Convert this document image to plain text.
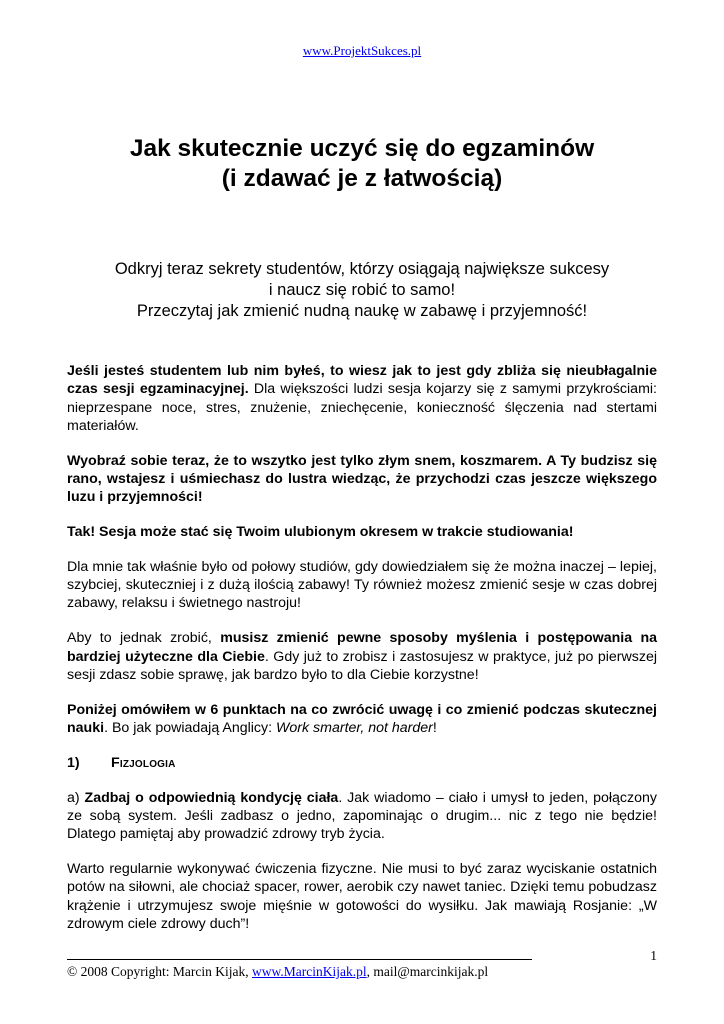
www.ProjektSukces.pl
Jak skutecznie uczyć się do egzaminów
(i zdawać je z łatwością)
Odkryj teraz sekrety studentów, którzy osiągają największe sukcesy
i naucz się robić to samo!
Przeczytaj jak zmienić nudną naukę w zabawę i przyjemność!

Jeśli jesteś studentem lub nim byłeś, to wiesz jak to jest gdy zbliża się nieubłagalnie czas sesji egzaminacyjnej. Dla większości ludzi sesja kojarzy się z samymi przykrościami: nieprzespane noce, stres, znużenie, zniechęcenie, konieczność ślęczenia nad stertami materiałów.

Wyobraź sobie teraz, że to wszytko jest tylko złym snem, koszmarem. A Ty budzisz się rano, wstajesz i uśmiechasz do lustra wiedząc, że przychodzi czas jeszcze większego luzu i przyjemności!

Tak! Sesja może stać się Twoim ulubionym okresem w trakcie studiowania!

Dla mnie tak właśnie było od połowy studiów, gdy dowiedziałem się że można inaczej – lepiej, szybciej, skuteczniej i z dużą ilością zabawy! Ty również możesz zmienić sesje w czas dobrej zabawy, relaksu i świetnego nastroju!

Aby to jednak zrobić, musisz zmienić pewne sposoby myślenia i postępowania na bardziej użyteczne dla Ciebie. Gdy już to zrobisz i zastosujesz w praktyce, już po pierwszej sesji zdasz sobie sprawę, jak bardzo było to dla Ciebie korzystne!

Poniżej omówiłem w 6 punktach na co zwrócić uwagę i co zmienić podczas skutecznej nauki. Bo jak powiadają Anglicy: Work smarter, not harder!

1)	Fizjologia

a) Zadbaj o odpowiednią kondycję ciała. Jak wiadomo – ciało i umysł to jeden, połączony ze sobą system. Jeśli zadbasz o jedno, zapominając o drugim... nic z tego nie będzie! Dlatego pamiętaj aby prowadzić zdrowy tryb życia.

Warto regularnie wykonywać ćwiczenia fizyczne. Nie musi to być zaraz wyciskanie ostatnich potów na siłowni, ale chociaż spacer, rower, aerobik czy nawet taniec. Dzięki temu pobudzasz krążenie i utrzymujesz swoje mięśnie w gotowości do wysiłku. Jak mawiają Rosjanie: „W zdrowym ciele zdrowy duch”!

1
© 2008 Copyright: Marcin Kijak, www.MarcinKijak.pl, mail@marcinkijak.pl
